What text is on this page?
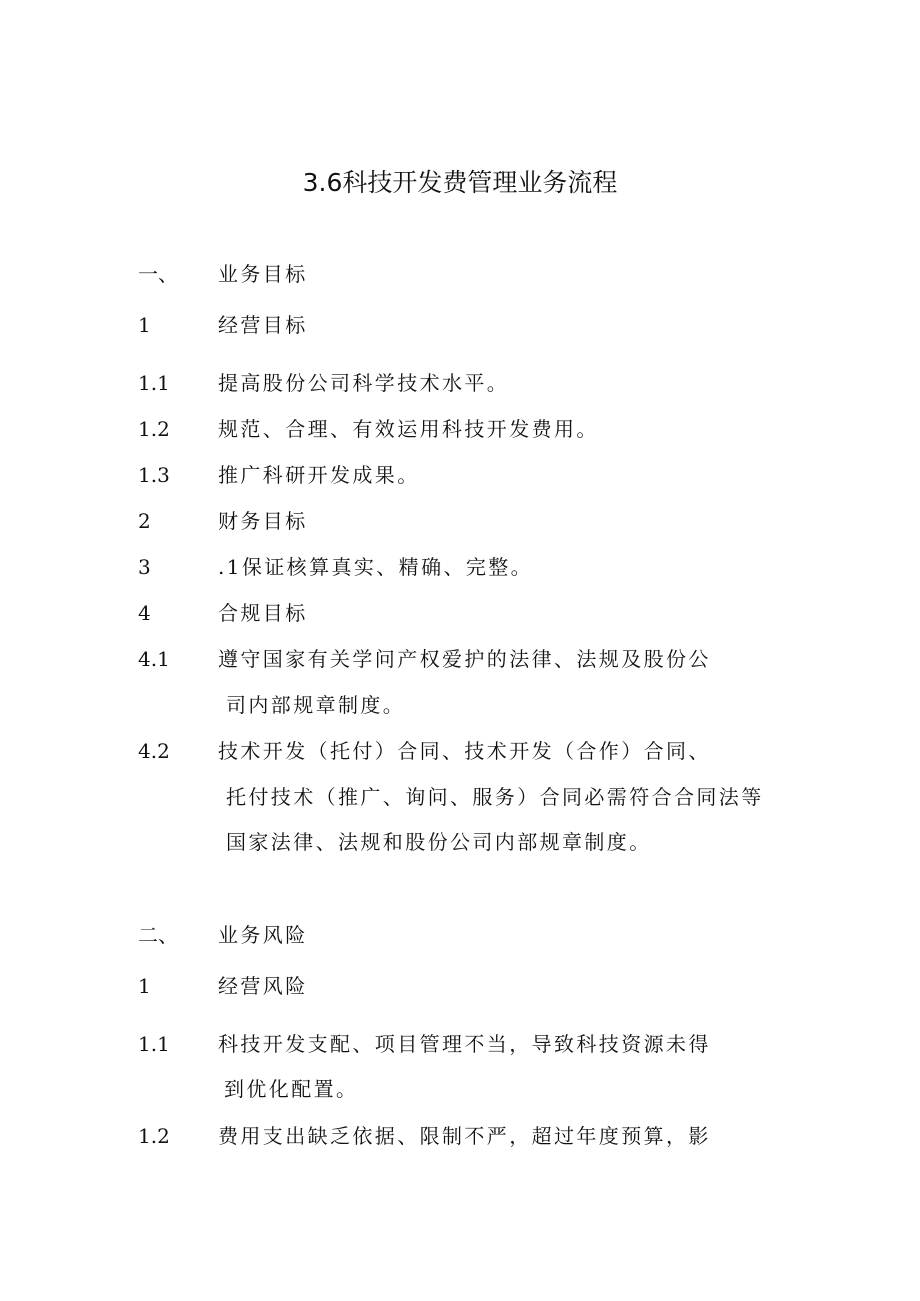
3.6科技开发费管理业务流程
一、 业务目标
1	经营目标
1.1 提高股份公司科学技术水平。
1.2 规范、合理、有效运用科技开发费用。
1.3 推广科研开发成果。
2	财务目标
3	.1保证核算真实、精确、完整。
4	合规目标
4.1 遵守国家有关学问产权爱护的法律、法规及股份公
司内部规章制度。
4.2 技术开发（托付）合同、技术开发（合作）合同、
托付技术（推广、询问、服务）合同必需符合合同法等
国家法律、法规和股份公司内部规章制度。
二、 业务风险
1	经营风险
1.1 科技开发支配、项目管理不当，导致科技资源未得
到优化配置。
1.2 费用支出缺乏依据、限制不严，超过年度预算，影
